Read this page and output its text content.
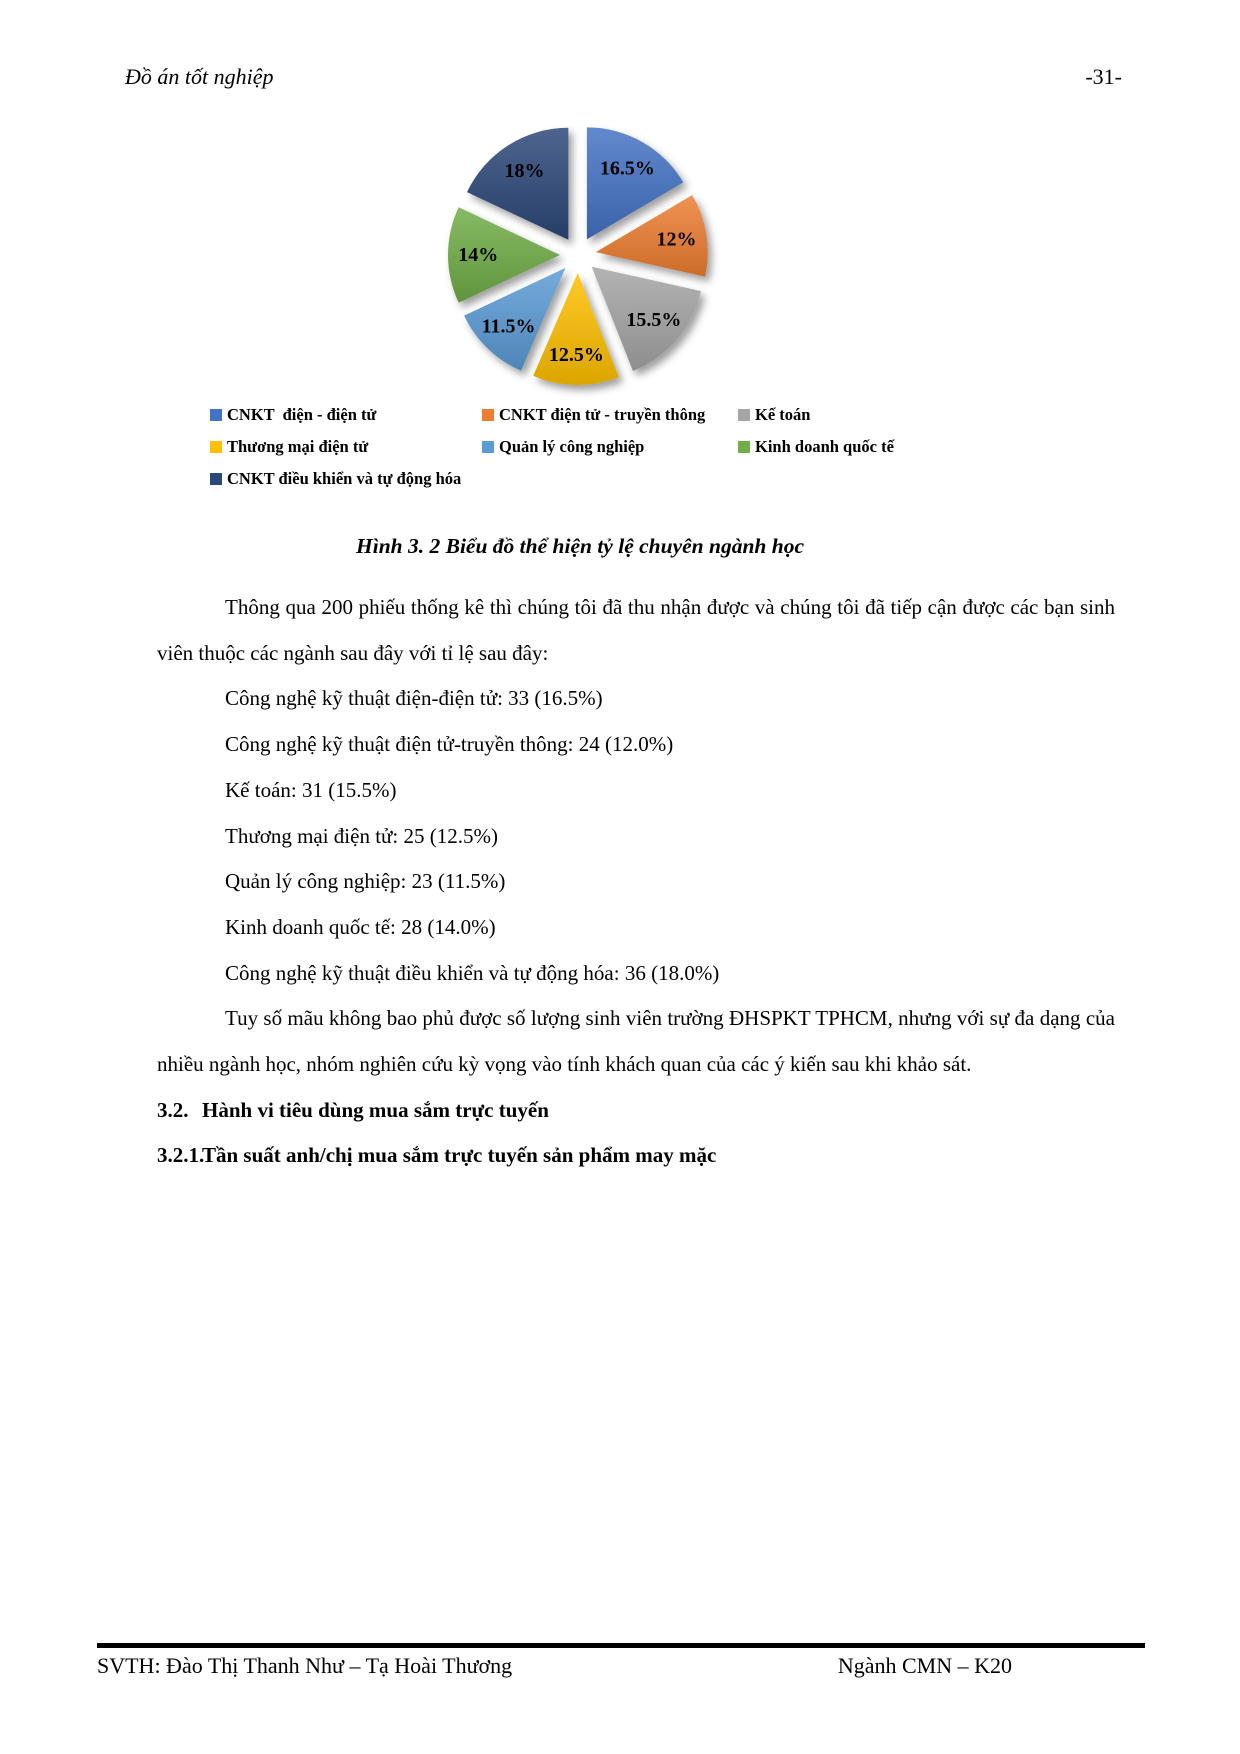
Đồ án tốt nghiệp	-31-
16.5%
12%
15.5%
12.5%
11.5%
14%
18%
CNKT  điện - điện tử	CNKT điện tử - truyền thông	Kế toán
Thương mại điện tử	Quản lý công nghiệp	Kinh doanh quốc tế
CNKT điều khiển và tự động hóa
Hình 3. 2 Biểu đồ thể hiện tỷ lệ chuyên ngành học

Thông qua 200 phiếu thống kê thì chúng tôi đã thu nhận được và chúng tôi đã tiếp cận được các bạn sinh viên thuộc các ngành sau đây với tỉ lệ sau đây:

Công nghệ kỹ thuật điện-điện tử: 33 (16.5%)
Công nghệ kỹ thuật điện tử-truyền thông: 24 (12.0%)
Kế toán: 31 (15.5%)
Thương mại điện tử: 25 (12.5%)
Quản lý công nghiệp: 23 (11.5%)
Kinh doanh quốc tế: 28 (14.0%)
Công nghệ kỹ thuật điều khiển và tự động hóa: 36 (18.0%)

Tuy số mãu không bao phủ được số lượng sinh viên trường ĐHSPKT TPHCM, nhưng với sự đa dạng của nhiều ngành học, nhóm nghiên cứu kỳ vọng vào tính khách quan của các ý kiến sau khi khảo sát.

3.2. Hành vi tiêu dùng mua sắm trực tuyến
3.2.1.Tần suất anh/chị mua sắm trực tuyến sản phẩm may mặc
SVTH: Đào Thị Thanh Như – Tạ Hoài Thương	Ngành CMN – K20
